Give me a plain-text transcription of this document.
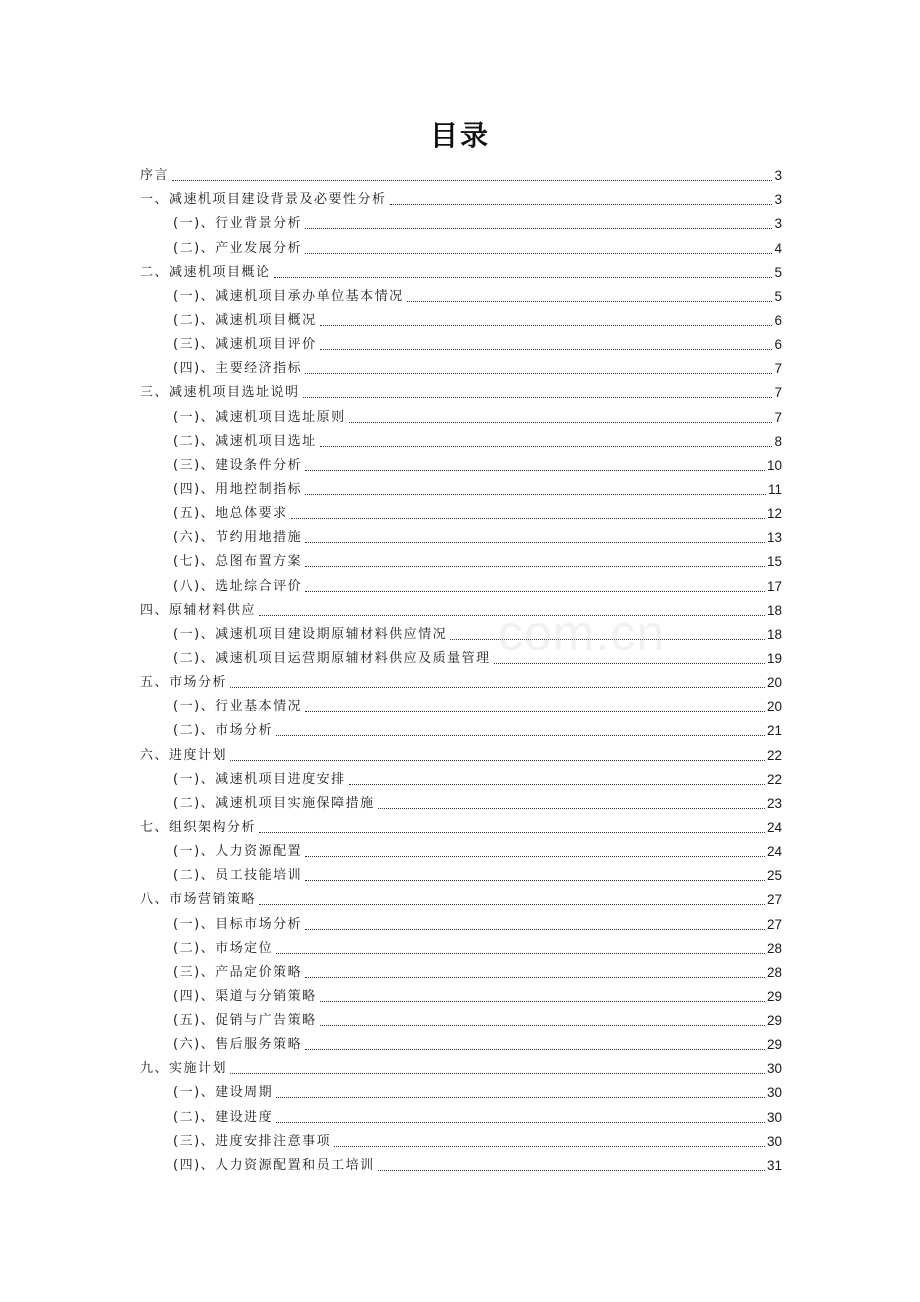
目录
序言	3
一、减速机项目建设背景及必要性分析	3
(一)、行业背景分析	3
(二)、产业发展分析	4
二、减速机项目概论	5
(一)、减速机项目承办单位基本情况	5
(二)、减速机项目概况	6
(三)、减速机项目评价	6
(四)、主要经济指标	7
三、减速机项目选址说明	7
(一)、减速机项目选址原则	7
(二)、减速机项目选址	8
(三)、建设条件分析	10
(四)、用地控制指标	11
(五)、地总体要求	12
(六)、节约用地措施	13
(七)、总图布置方案	15
(八)、选址综合评价	17
四、原辅材料供应	18
(一)、减速机项目建设期原辅材料供应情况	18
(二)、减速机项目运营期原辅材料供应及质量管理	19
五、市场分析	20
(一)、行业基本情况	20
(二)、市场分析	21
六、进度计划	22
(一)、减速机项目进度安排	22
(二)、减速机项目实施保障措施	23
七、组织架构分析	24
(一)、人力资源配置	24
(二)、员工技能培训	25
八、市场营销策略	27
(一)、目标市场分析	27
(二)、市场定位	28
(三)、产品定价策略	28
(四)、渠道与分销策略	29
(五)、促销与广告策略	29
(六)、售后服务策略	29
九、实施计划	30
(一)、建设周期	30
(二)、建设进度	30
(三)、进度安排注意事项	30
(四)、人力资源配置和员工培训	31
com.cn
